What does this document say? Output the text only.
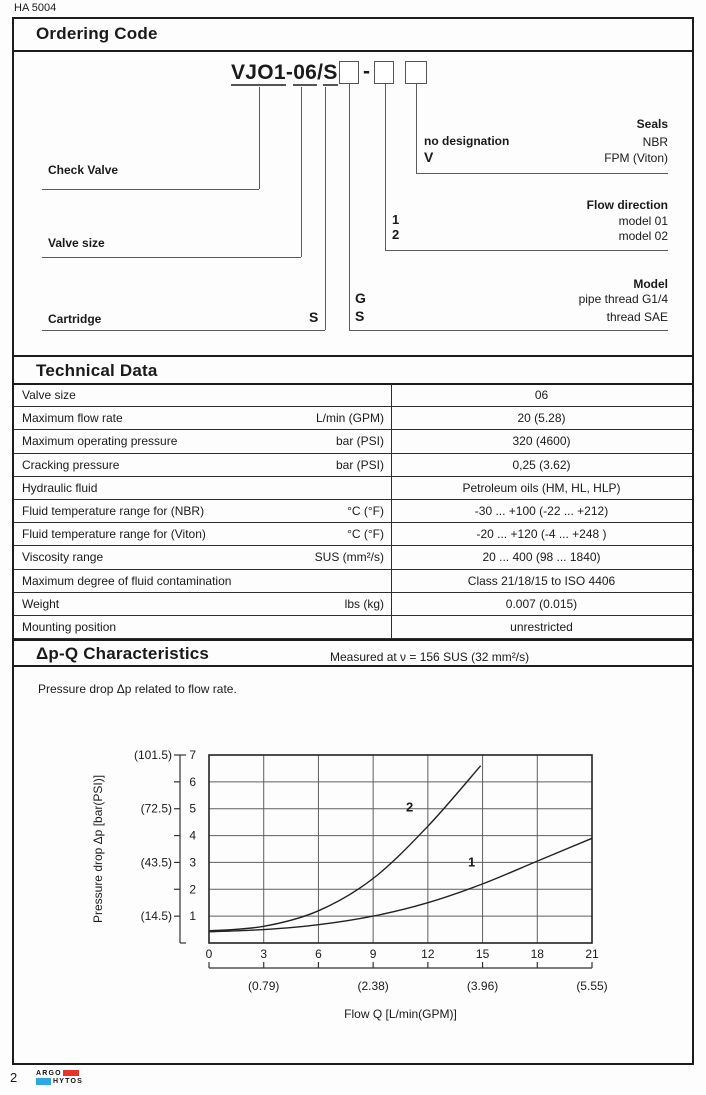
HA 5004
Ordering Code
VJO1-06/S -
Check Valve
Valve size
Cartridge	S
Seals
no designation	NBR
V	FPM (Viton)
Flow direction
1	model 01
2	model 02
Model
G	pipe thread G1/4
S	thread SAE
Technical Data
Valve size	06
Maximum flow rate	L/min (GPM)	20 (5.28)
Maximum operating pressure	bar (PSI)	320 (4600)
Cracking pressure	bar (PSI)	0,25 (3.62)
Hydraulic fluid	Petroleum oils (HM, HL, HLP)
Fluid temperature range for (NBR)	°C (°F)	-30 ... +100 (-22 ... +212)
Fluid temperature range for (Viton)	°C (°F)	-20 ... +120 (-4 ... +248 )
Viscosity range	SUS (mm²/s)	20 ... 400 (98 ... 1840)
Maximum degree of fluid contamination	Class 21/18/15 to ISO 4406
Weight	lbs (kg)	0.007 (0.015)
Mounting position	unrestricted
Δp-Q Characteristics	Measured at ν = 156 SUS (32 mm²/s)
Pressure drop Δp related to flow rate.
1
2
3
4
5
6
7
(14.5)
(43.5)
(72.5)
(101.5)
0	3	6	9	12	15	18	21
(0.79)	(2.38)	(3.96)	(5.55)
Flow Q [L/min(GPM)]
Pressure drop Δp [bar(PSI)]	1
2
2	ARGO
HYTOS
